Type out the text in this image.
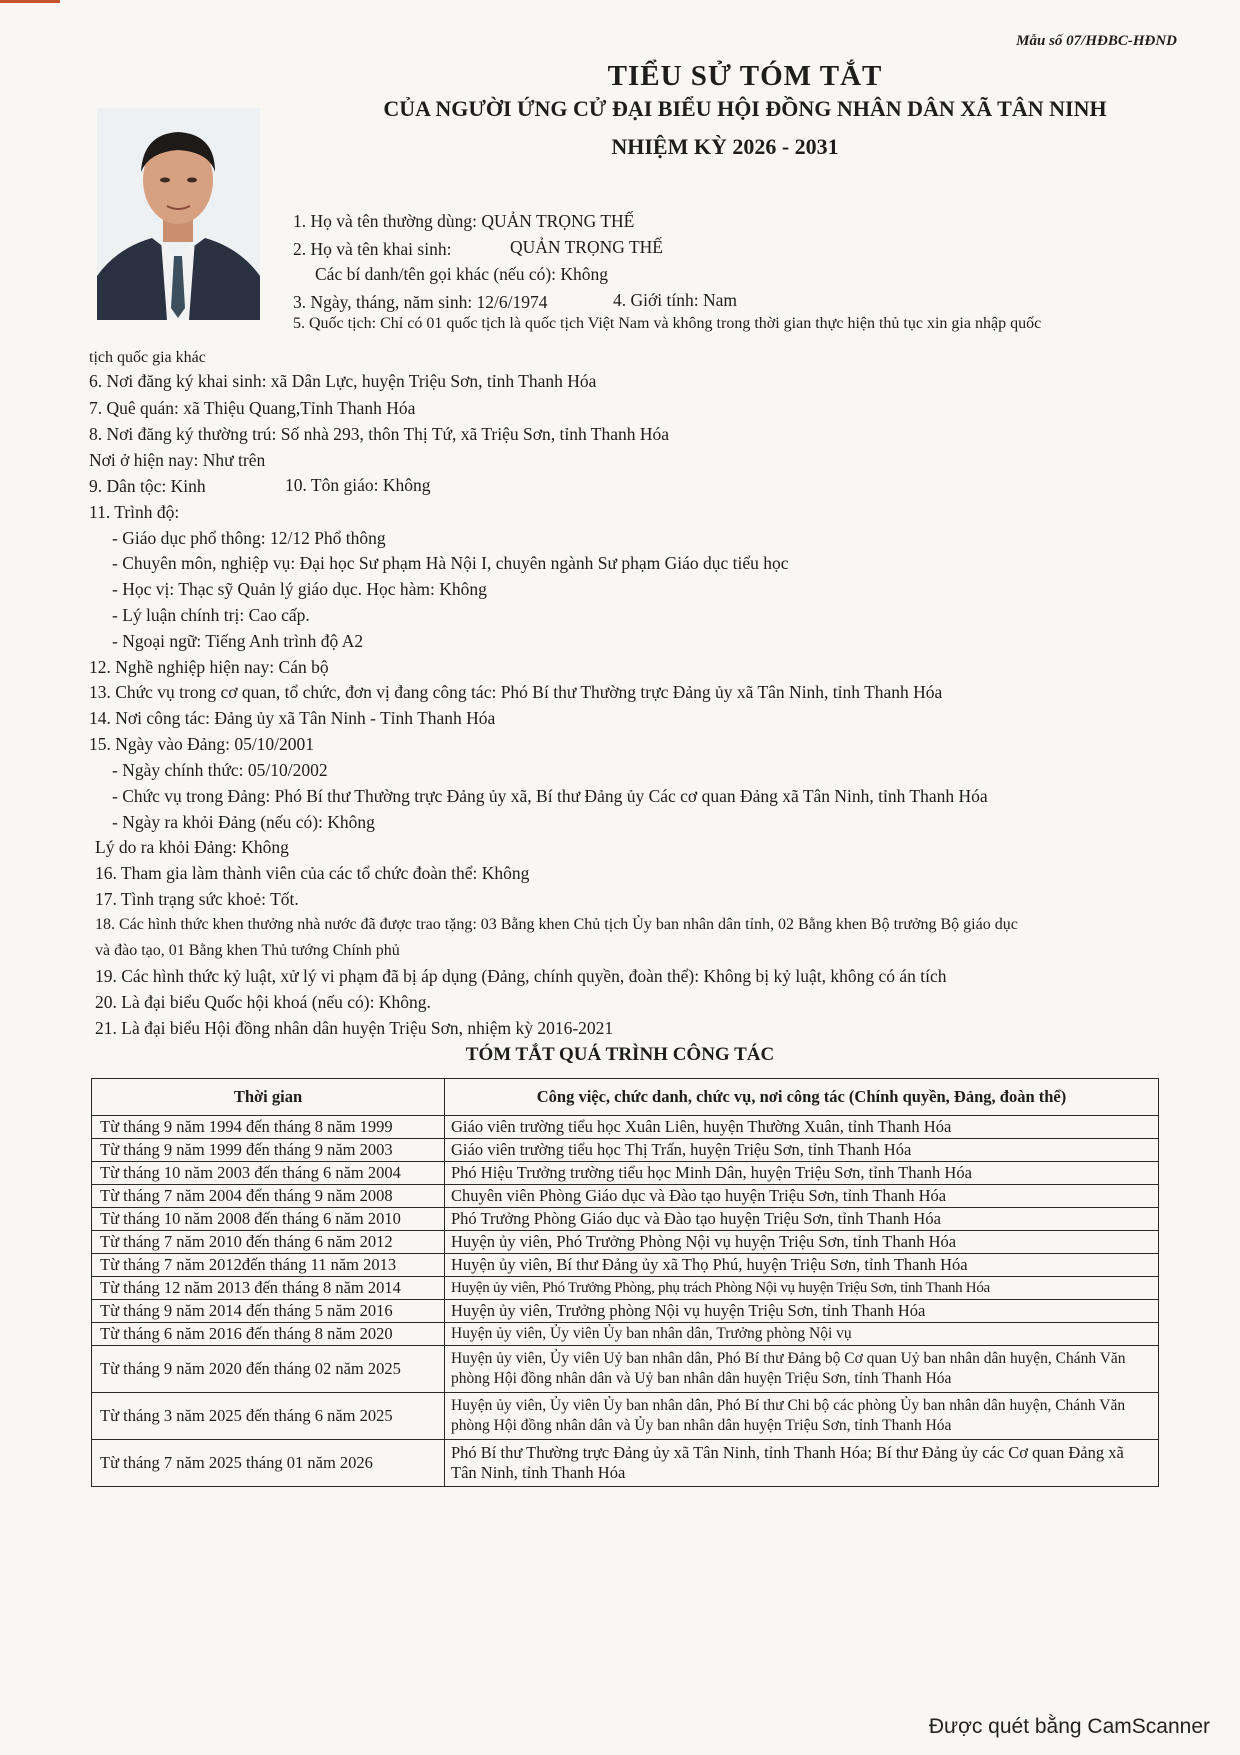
Mẫu số 07/HĐBC-HĐND
TIỂU SỬ TÓM TẮT
CỦA NGƯỜI ỨNG CỬ ĐẠI BIỂU HỘI ĐỒNG NHÂN DÂN XÃ TÂN NINH
NHIỆM KỲ 2026 - 2031
1. Họ và tên thường dùng: QUẢN TRỌNG THẾ
2. Họ và tên khai sinh:	QUẢN TRỌNG THẾ
Các bí danh/tên gọi khác (nếu có): Không
3. Ngày, tháng, năm sinh: 12/6/1974	4. Giới tính: Nam
5. Quốc tịch: Chỉ có 01 quốc tịch là quốc tịch Việt Nam và không trong thời gian thực hiện thủ tục xin gia nhập quốc
tịch quốc gia khác
6. Nơi đăng ký khai sinh: xã Dân Lực, huyện Triệu Sơn, tỉnh Thanh Hóa
7. Quê quán: xã Thiệu Quang,Tỉnh Thanh Hóa
8. Nơi đăng ký thường trú: Số nhà 293, thôn Thị Tứ, xã Triệu Sơn, tỉnh Thanh Hóa
Nơi ở hiện nay: Như trên
9. Dân tộc: Kinh	10. Tôn giáo: Không
11. Trình độ:
- Giáo dục phổ thông: 12/12 Phổ thông
- Chuyên môn, nghiệp vụ: Đại học Sư phạm Hà Nội I, chuyên ngành Sư phạm Giáo dục tiểu học
- Học vị: Thạc sỹ Quản lý giáo dục. Học hàm: Không
- Lý luận chính trị: Cao cấp.
- Ngoại ngữ: Tiếng Anh trình độ A2
12. Nghề nghiệp hiện nay: Cán bộ
13. Chức vụ trong cơ quan, tổ chức, đơn vị đang công tác: Phó Bí thư Thường trực Đảng ủy xã Tân Ninh, tỉnh Thanh Hóa
14. Nơi công tác: Đảng ủy xã Tân Ninh - Tỉnh Thanh Hóa
15. Ngày vào Đảng: 05/10/2001
- Ngày chính thức: 05/10/2002
- Chức vụ trong Đảng: Phó Bí thư Thường trực Đảng ủy xã, Bí thư Đảng ủy Các cơ quan Đảng xã Tân Ninh, tỉnh Thanh Hóa
- Ngày ra khỏi Đảng (nếu có): Không
Lý do ra khỏi Đảng: Không
16. Tham gia làm thành viên của các tổ chức đoàn thể: Không
17. Tình trạng sức khoẻ: Tốt.
18. Các hình thức khen thưởng nhà nước đã được trao tặng: 03 Bằng khen Chủ tịch Ủy ban nhân dân tỉnh, 02 Bằng khen Bộ trưởng Bộ giáo dục
và đào tạo, 01 Bằng khen Thủ tướng Chính phủ
19. Các hình thức kỷ luật, xử lý vi phạm đã bị áp dụng (Đảng, chính quyền, đoàn thể): Không bị kỷ luật, không có án tích
20. Là đại biểu Quốc hội khoá (nếu có): Không.
21. Là đại biểu Hội đồng nhân dân huyện Triệu Sơn, nhiệm kỳ 2016-2021
TÓM TẮT QUÁ TRÌNH CÔNG TÁC
Thời gian	Công việc, chức danh, chức vụ, nơi công tác (Chính quyền, Đảng, đoàn thể)
Từ tháng 9 năm 1994 đến tháng 8 năm 1999	Giáo viên trường tiểu học Xuân Liên, huyện Thường Xuân, tỉnh Thanh Hóa
Từ tháng 9 năm 1999 đến tháng 9 năm 2003	Giáo viên trường tiểu học Thị Trấn, huyện Triệu Sơn, tỉnh Thanh Hóa
Từ tháng 10 năm 2003 đến tháng 6 năm 2004	Phó Hiệu Trưởng trường tiểu học Minh Dân, huyện Triệu Sơn, tỉnh Thanh Hóa
Từ tháng 7 năm 2004 đến tháng 9 năm 2008	Chuyên viên Phòng Giáo dục và Đào tạo huyện Triệu Sơn, tỉnh Thanh Hóa
Từ tháng 10 năm 2008 đến tháng 6 năm 2010	Phó Trưởng Phòng Giáo dục và Đào tạo huyện Triệu Sơn, tỉnh Thanh Hóa
Từ tháng 7 năm 2010 đến tháng 6 năm 2012	Huyện ủy viên, Phó Trưởng Phòng Nội vụ huyện Triệu Sơn, tỉnh Thanh Hóa
Từ tháng 7 năm 2012đến tháng 11 năm 2013	Huyện ủy viên, Bí thư Đảng ủy xã Thọ Phú, huyện Triệu Sơn, tỉnh Thanh Hóa
Từ tháng 12 năm 2013 đến tháng 8 năm 2014	Huyện ủy viên, Phó Trưởng Phòng, phụ trách Phòng Nội vụ huyện Triệu Sơn, tỉnh Thanh Hóa
Từ tháng 9 năm 2014 đến tháng 5 năm 2016	Huyện ủy viên, Trưởng phòng Nội vụ huyện Triệu Sơn, tỉnh Thanh Hóa
Từ tháng 6 năm 2016 đến tháng 8 năm 2020	Huyện ủy viên, Ủy viên Ủy ban nhân dân, Trưởng phòng Nội vụ
Từ tháng 9 năm 2020 đến tháng 02 năm 2025	Huyện ủy viên, Ủy viên Uỷ ban nhân dân, Phó Bí thư Đảng bộ Cơ quan Uỷ ban nhân dân huyện, Chánh Văn phòng Hội đồng nhân dân và Uỷ ban nhân dân huyện Triệu Sơn, tỉnh Thanh Hóa
Từ tháng 3 năm 2025 đến tháng 6 năm 2025	Huyện ủy viên, Ủy viên Ủy ban nhân dân, Phó Bí thư Chi bộ các phòng Ủy ban nhân dân huyện, Chánh Văn phòng Hội đồng nhân dân và Ủy ban nhân dân huyện Triệu Sơn, tỉnh Thanh Hóa
Từ tháng 7 năm 2025 tháng 01 năm 2026	Phó Bí thư Thường trực Đảng ủy xã Tân Ninh, tỉnh Thanh Hóa; Bí thư Đảng ủy các Cơ quan Đảng xã Tân Ninh, tỉnh Thanh Hóa
Được quét bằng CamScanner
